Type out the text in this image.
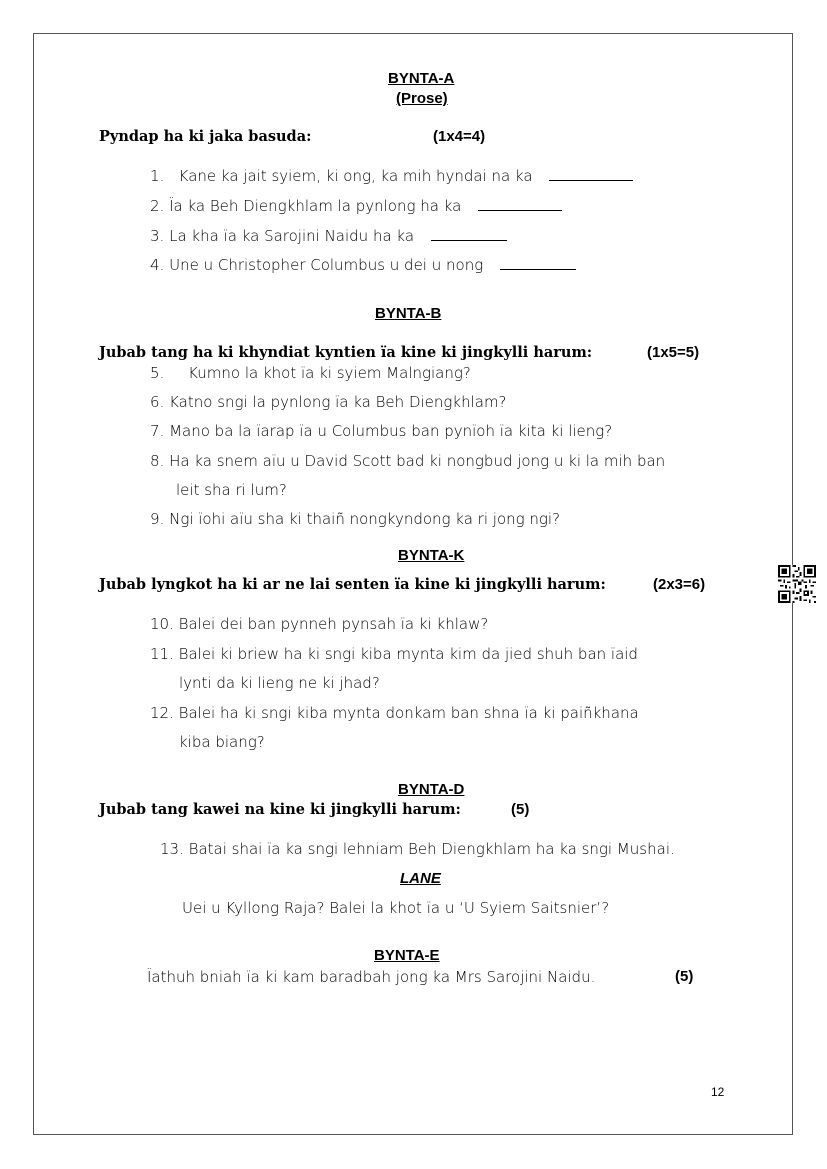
BYNTA-A
(Prose)
Pyndap ha ki jaka basuda:	(1x4=4)
1. Kane ka jait syiem, ki ong, ka mih hyndai na ka
2. Ïa ka Beh Diengkhlam la pynlong ha ka
3. La kha ïa ka Sarojini Naidu ha ka
4. Une u Christopher Columbus u dei u nong
BYNTA-B
Jubab tang ha ki khyndiat kyntien ïa kine ki jingkylli harum:	(1x5=5)
5. Kumno la khot ïa ki syiem Malngiang?
6. Katno sngi la pynlong ïa ka Beh Diengkhlam?
7. Mano ba la ïarap ïa u Columbus ban pynïoh ïa kita ki lieng?
8. Ha ka snem aïu u David Scott bad ki nongbud jong u ki la mih ban
leit sha ri lum?
9. Ngi ïohi aïu sha ki thaiñ nongkyndong ka ri jong ngi?
BYNTA-K
Jubab lyngkot ha ki ar ne lai senten ïa kine ki jingkylli harum:	(2x3=6)
10. Balei dei ban pynneh pynsah ïa ki khlaw?
11. Balei ki briew ha ki sngi kiba mynta kim da jied shuh ban ïaid
lynti da ki lieng ne ki jhad?
12. Balei ha ki sngi kiba mynta donkam ban shna ïa ki paiñkhana
kiba biang?
BYNTA-D
Jubab tang kawei na kine ki jingkylli harum:	(5)
13. Batai shai ïa ka sngi lehniam Beh Diengkhlam ha ka sngi Mushai.
LANE
Uei u Kyllong Raja? Balei la khot ïa u ‘U Syiem Saitsnier’?
BYNTA-E
Ïathuh bniah ïa ki kam baradbah jong ka Mrs Sarojini Naidu.	(5)
12
